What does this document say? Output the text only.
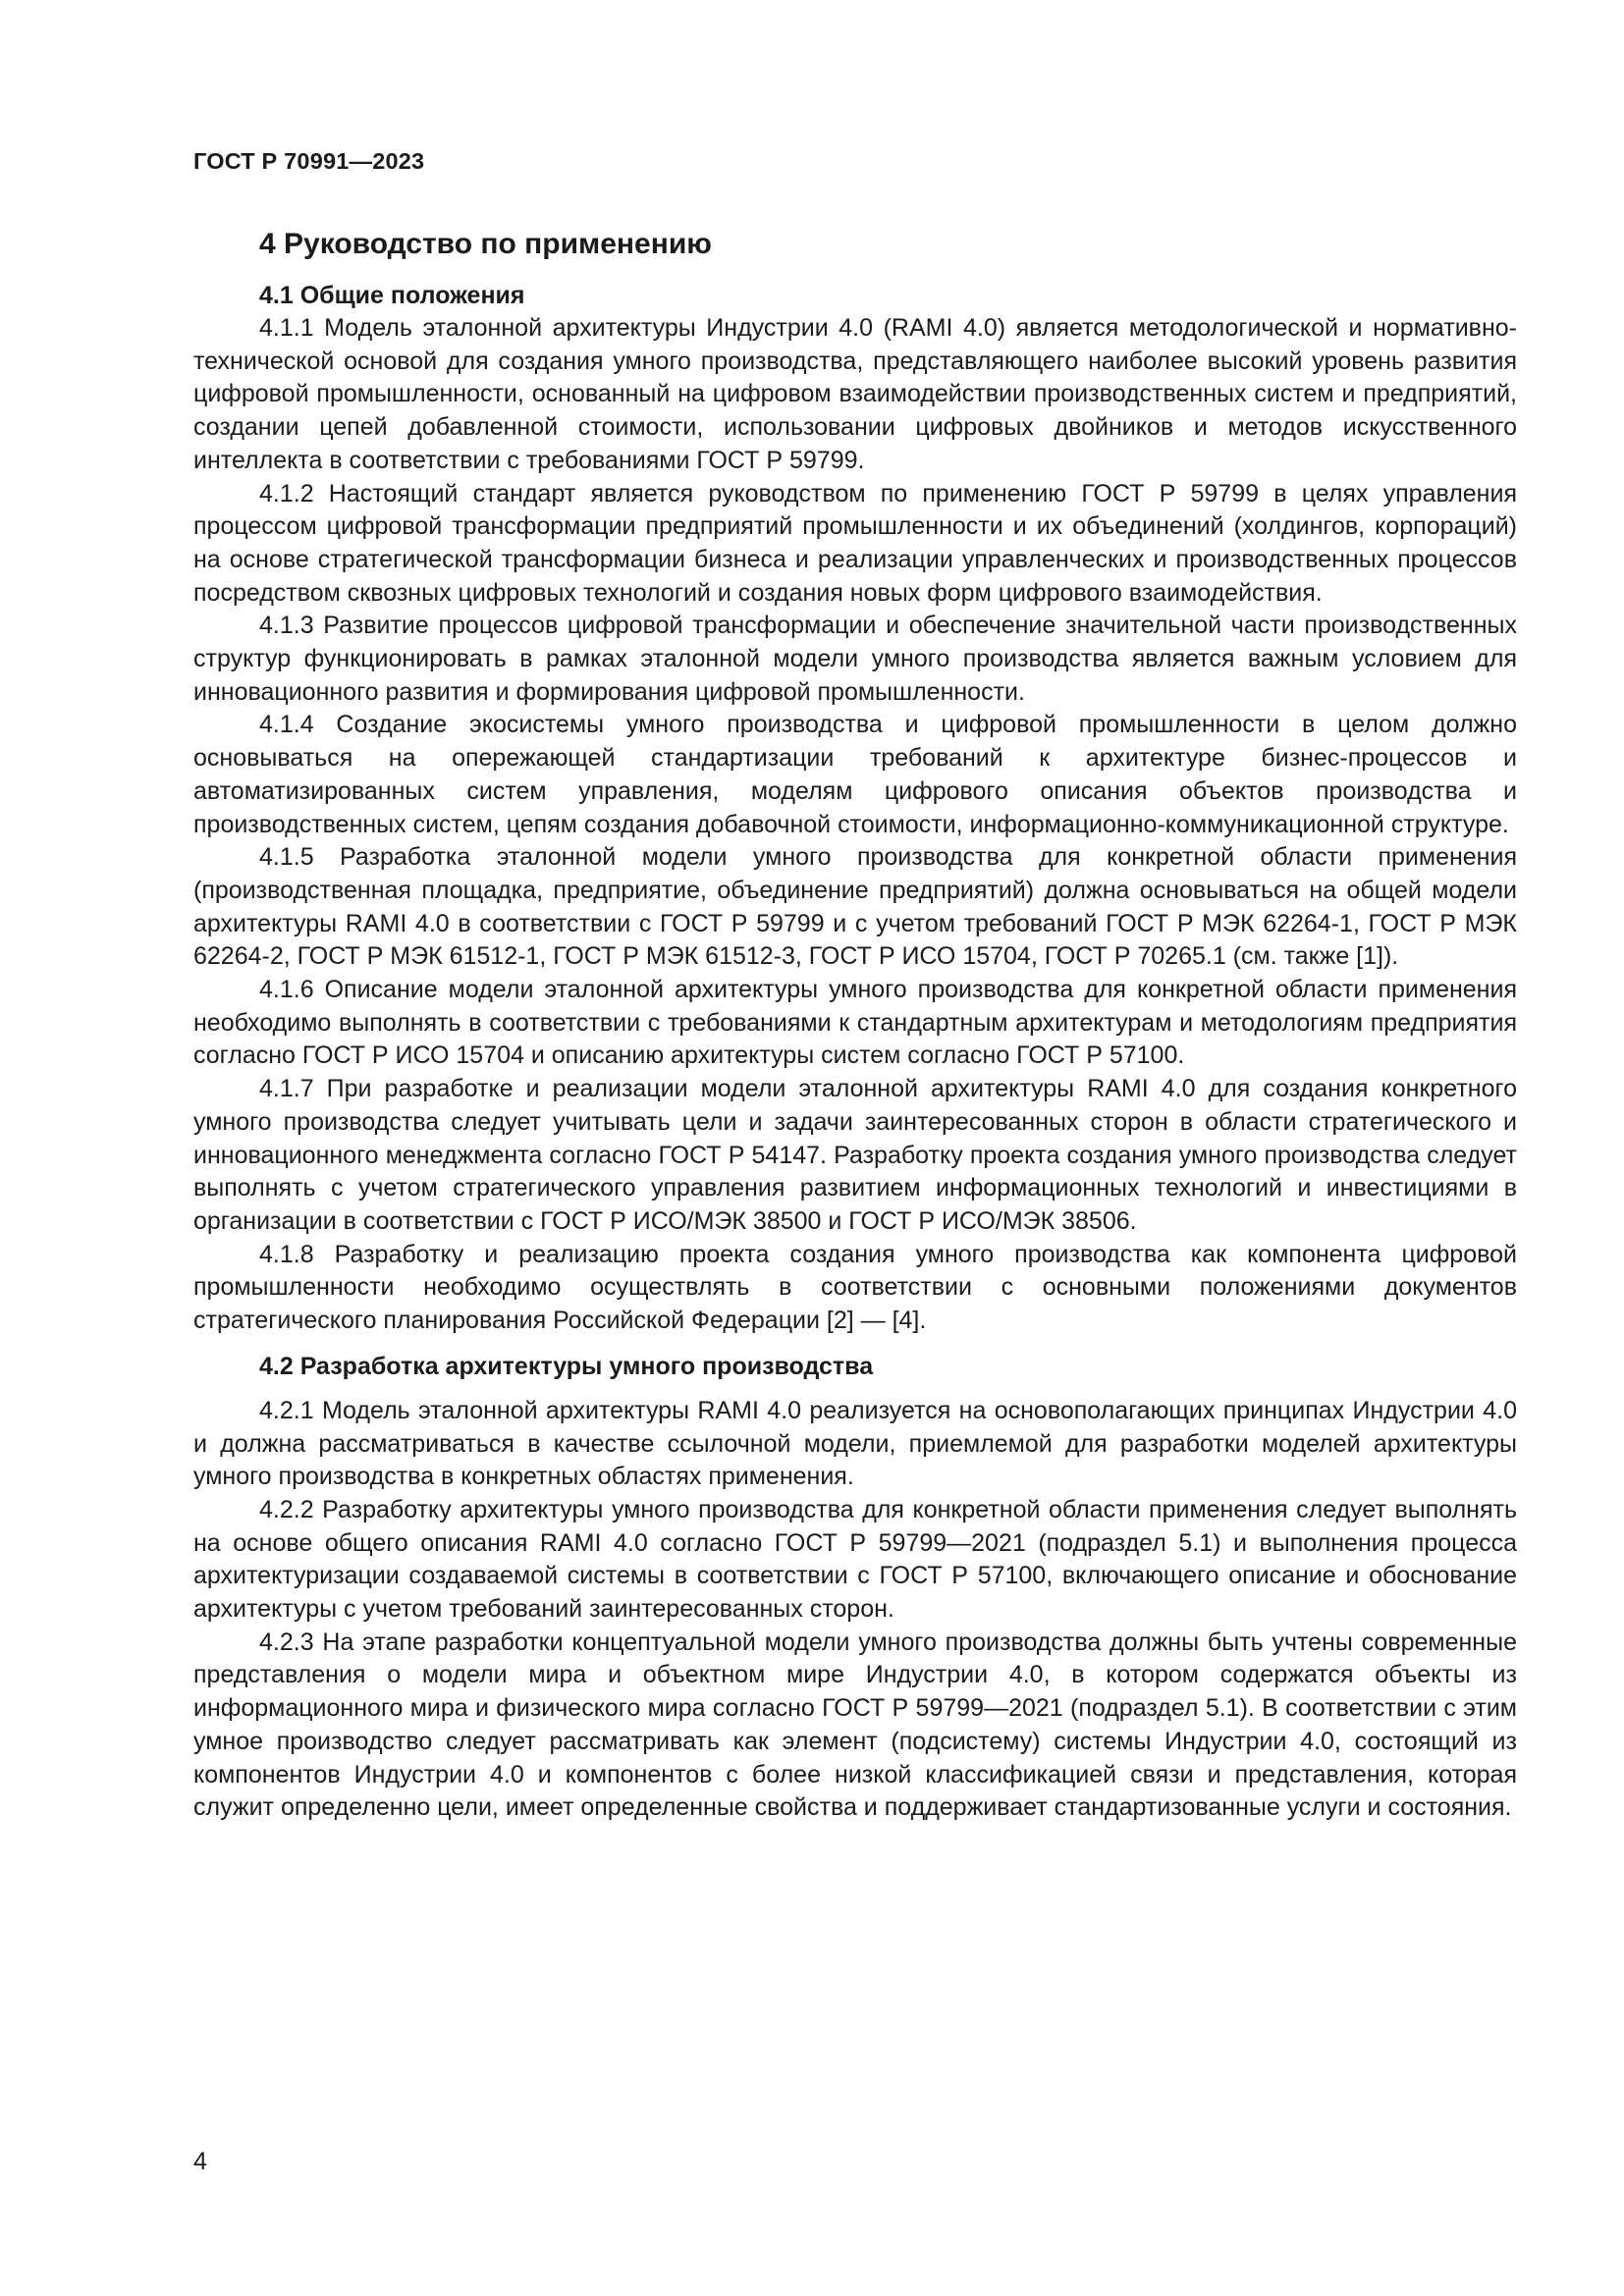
ГОСТ Р 70991—2023
4 Руководство по применению
4.1 Общие положения

4.1.1 Модель эталонной архитектуры Индустрии 4.0 (RAMI 4.0) является методологической и нормативно-технической основой для создания умного производства, представляющего наиболее высокий уровень развития цифровой промышленности, основанный на цифровом взаимодействии производственных систем и предприятий, создании цепей добавленной стоимости, использовании цифровых двойников и методов искусственного интеллекта в соответствии с требованиями ГОСТ Р 59799.

4.1.2 Настоящий стандарт является руководством по применению ГОСТ Р 59799 в целях управления процессом цифровой трансформации предприятий промышленности и их объединений (холдингов, корпораций) на основе стратегической трансформации бизнеса и реализации управленческих и производственных процессов посредством сквозных цифровых технологий и создания новых форм цифрового взаимодействия.

4.1.3 Развитие процессов цифровой трансформации и обеспечение значительной части производственных структур функционировать в рамках эталонной модели умного производства является важным условием для инновационного развития и формирования цифровой промышленности.

4.1.4 Создание экосистемы умного производства и цифровой промышленности в целом должно основываться на опережающей стандартизации требований к архитектуре бизнес-процессов и автоматизированных систем управления, моделям цифрового описания объектов производства и производственных систем, цепям создания добавочной стоимости, информационно-коммуникационной структуре.

4.1.5 Разработка эталонной модели умного производства для конкретной области применения (производственная площадка, предприятие, объединение предприятий) должна основываться на общей модели архитектуры RAMI 4.0 в соответствии с ГОСТ Р 59799 и с учетом требований ГОСТ Р МЭК 62264-1, ГОСТ Р МЭК 62264-2, ГОСТ Р МЭК 61512-1, ГОСТ Р МЭК 61512-3, ГОСТ Р ИСО 15704, ГОСТ Р 70265.1 (см. также [1]).

4.1.6 Описание модели эталонной архитектуры умного производства для конкретной области применения необходимо выполнять в соответствии с требованиями к стандартным архитектурам и методологиям предприятия согласно ГОСТ Р ИСО 15704 и описанию архитектуры систем согласно ГОСТ Р 57100.

4.1.7 При разработке и реализации модели эталонной архитектуры RAMI 4.0 для создания конкретного умного производства следует учитывать цели и задачи заинтересованных сторон в области стратегического и инновационного менеджмента согласно ГОСТ Р 54147. Разработку проекта создания умного производства следует выполнять с учетом стратегического управления развитием информационных технологий и инвестициями в организации в соответствии с ГОСТ Р ИСО/МЭК 38500 и ГОСТ Р ИСО/МЭК 38506.

4.1.8 Разработку и реализацию проекта создания умного производства как компонента цифровой промышленности необходимо осуществлять в соответствии с основными положениями документов стратегического планирования Российской Федерации [2] — [4].

4.2 Разработка архитектуры умного производства

4.2.1 Модель эталонной архитектуры RAMI 4.0 реализуется на основополагающих принципах Индустрии 4.0 и должна рассматриваться в качестве ссылочной модели, приемлемой для разработки моделей архитектуры умного производства в конкретных областях применения.

4.2.2 Разработку архитектуры умного производства для конкретной области применения следует выполнять на основе общего описания RAMI 4.0 согласно ГОСТ Р 59799—2021 (подраздел 5.1) и выполнения процесса архитектуризации создаваемой системы в соответствии с ГОСТ Р 57100, включающего описание и обоснование архитектуры с учетом требований заинтересованных сторон.

4.2.3 На этапе разработки концептуальной модели умного производства должны быть учтены современные представления о модели мира и объектном мире Индустрии 4.0, в котором содержатся объекты из информационного мира и физического мира согласно ГОСТ Р 59799—2021 (подраздел 5.1). В соответствии с этим умное производство следует рассматривать как элемент (подсистему) системы Индустрии 4.0, состоящий из компонентов Индустрии 4.0 и компонентов с более низкой классификацией связи и представления, которая служит определенно цели, имеет определенные свойства и поддерживает стандартизованные услуги и состояния.

4
